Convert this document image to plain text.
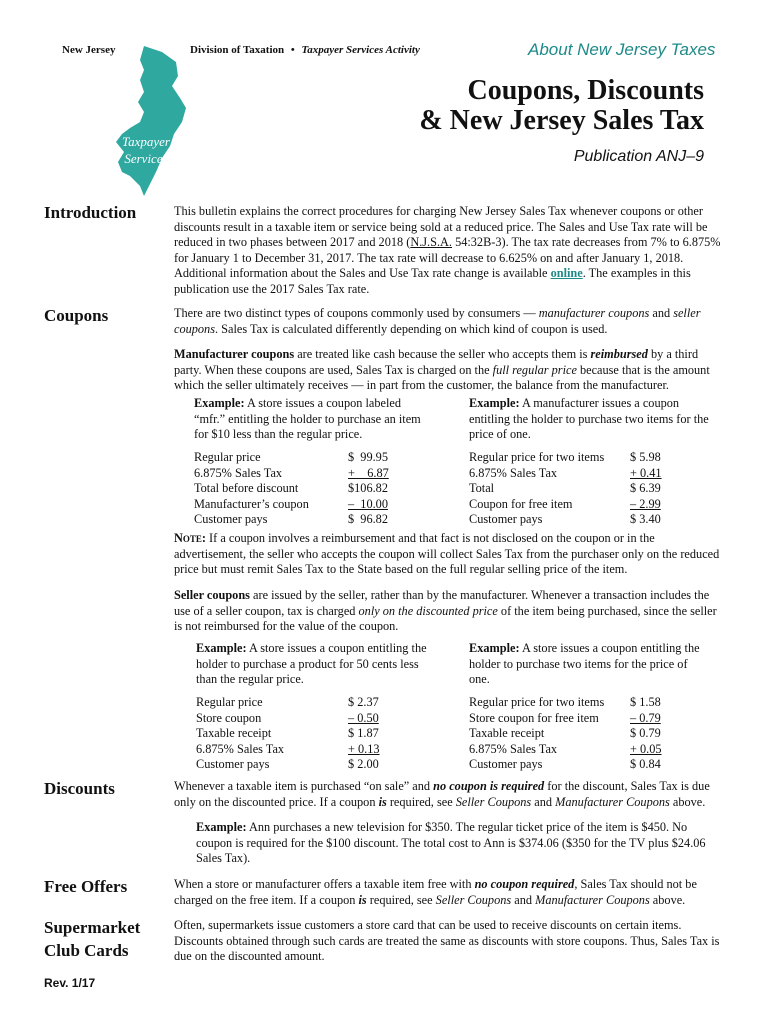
New Jersey	Division of Taxation • Taxpayer Services Activity	About New Jersey Taxes
Taxpayer
Services
Coupons, Discounts
& New Jersey Sales Tax
Publication ANJ–9
Introduction	This bulletin explains the correct procedures for charging New Jersey Sales Tax whenever coupons or other discounts result in a taxable item or service being sold at a reduced price. The Sales and Use Tax rate will be reduced in two phases between 2017 and 2018 (N.J.S.A. 54:32B-3). The tax rate decreases from 7% to 6.875% for January 1 to December 31, 2017. The tax rate will decrease to 6.625% on and after January 1, 2018. Additional information about the Sales and Use Tax rate change is available online. The examples in this publication use the 2017 Sales Tax rate.
Coupons	There are two distinct types of coupons commonly used by consumers — manufacturer coupons and seller coupons. Sales Tax is calculated differently depending on which kind of coupon is used.
Manufacturer coupons are treated like cash because the seller who accepts them is reimbursed by a third party. When these coupons are used, Sales Tax is charged on the full regular price because that is the amount which the seller ultimately receives — in part from the customer, the balance from the manufacturer.
Example: A store issues a coupon labeled “mfr.” entitling the holder to purchase an item for $10 less than the regular price.
Example: A manufacturer issues a coupon entitling the holder to purchase two items for the price of one.
Regular price	$  99.95
6.875% Sales Tax	+    6.87
Total before discount	$106.82
Manufacturer’s coupon	–  10.00
Customer pays	$  96.82
Regular price for two items	$ 5.98
6.875% Sales Tax	+ 0.41
Total	$ 6.39
Coupon for free item	– 2.99
Customer pays	$ 3.40
Note: If a coupon involves a reimbursement and that fact is not disclosed on the coupon or in the advertisement, the seller who accepts the coupon will collect Sales Tax from the purchaser only on the reduced price but must remit Sales Tax to the State based on the full regular selling price of the item.
Seller coupons are issued by the seller, rather than by the manufacturer. Whenever a transaction includes the use of a seller coupon, tax is charged only on the discounted price of the item being purchased, since the seller is not reimbursed for the value of the coupon.
Example: A store issues a coupon entitling the holder to purchase a product for 50 cents less than the regular price.
Example: A store issues a coupon entitling the holder to purchase two items for the price of one.
Regular price	$ 2.37
Store coupon	– 0.50
Taxable receipt	$ 1.87
6.875% Sales Tax	+ 0.13
Customer pays	$ 2.00
Regular price for two items	$ 1.58
Store coupon for free item	– 0.79
Taxable receipt	$ 0.79
6.875% Sales Tax	+ 0.05
Customer pays	$ 0.84
Discounts	Whenever a taxable item is purchased “on sale” and no coupon is required for the discount, Sales Tax is due only on the discounted price. If a coupon is required, see Seller Coupons and Manufacturer Coupons above.
Example: Ann purchases a new television for $350. The regular ticket price of the item is $450. No coupon is required for the $100 discount. The total cost to Ann is $374.06 ($350 for the TV plus $24.06 Sales Tax).
Free Offers	When a store or manufacturer offers a taxable item free with no coupon required, Sales Tax should not be charged on the free item. If a coupon is required, see Seller Coupons and Manufacturer Coupons above.
Supermarket
Club Cards
Often, supermarkets issue customers a store card that can be used to receive discounts on certain items. Discounts obtained through such cards are treated the same as discounts with store coupons. Thus, Sales Tax is due on the discounted amount.
Rev. 1/17
